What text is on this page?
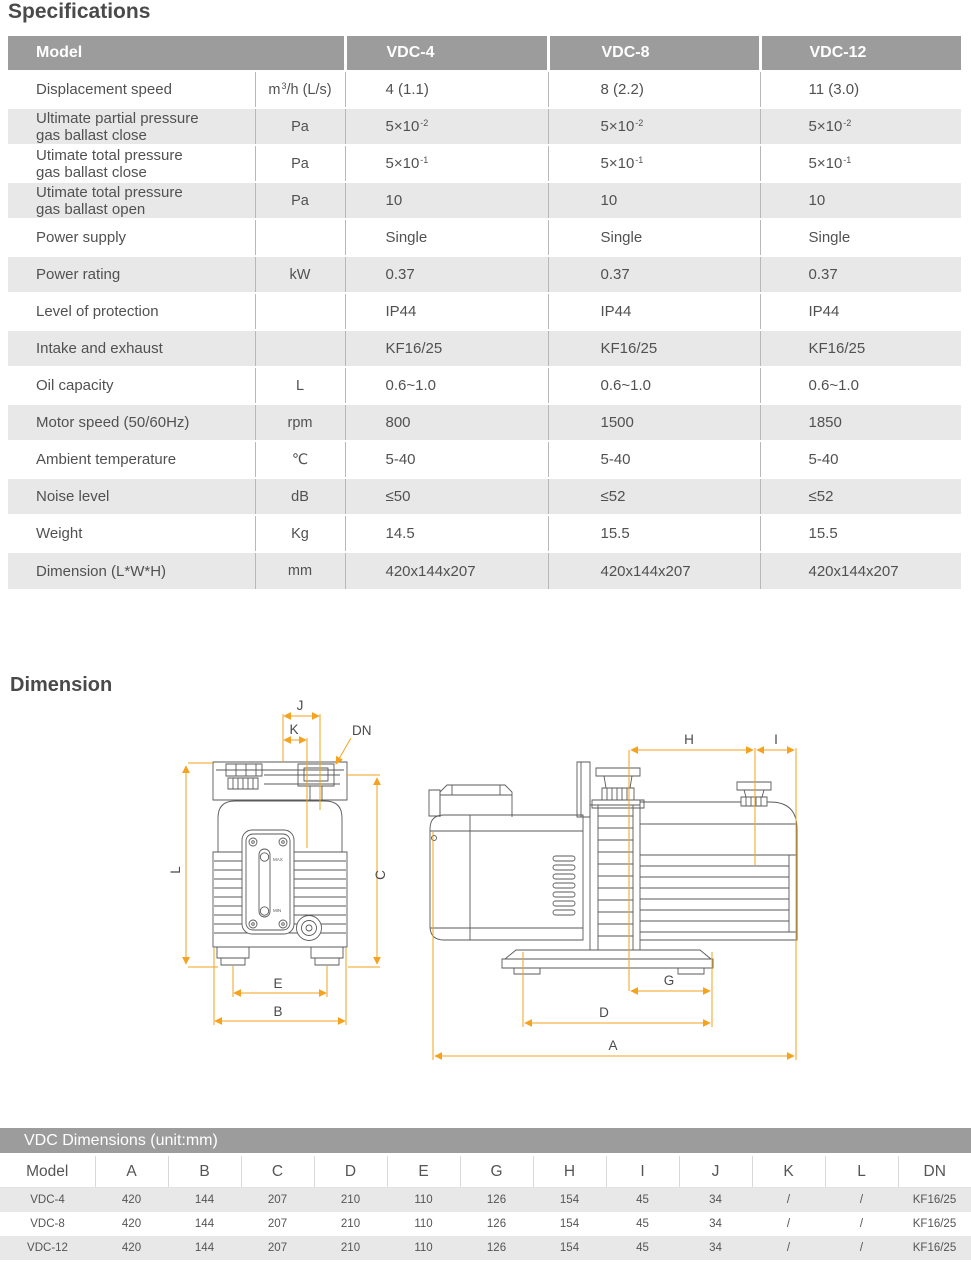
Specifications
Model		VDC-4	VDC-8	VDC-12
Displacement speed	$m^3/h$ (L/s)	4 (1.1)	8 (2.2)	11 (3.0)
Ultimate partial pressure
gas ballast close	Pa	$5\times 10^{-2}$	$5\times 10^{-2}$	$5\times 10^{-2}$
Utimate total pressure
gas ballast close	Pa	$5\times 10^{-1}$	$5\times 10^{-1}$	$5\times 10^{-1}$
Utimate total pressure
gas ballast open	Pa	10	10	10
Power supply		Single	Single	Single
Power rating	kW	0.37	0.37	0.37
Level of protection		IP44	IP44	IP44
Intake and exhaust		KF16/25	KF16/25	KF16/25
Oil capacity	L	0.6~1.0	0.6~1.0	0.6~1.0
Motor speed (50/60Hz)	rpm	800	1500	1850
Ambient temperature	℃	5-40	5-40	5-40
Noise level	dB	≤50	≤52	≤52
Weight	Kg	14.5	15.5	15.5
Dimension (L*W*H)	mm	420x144x207	420x144x207	420x144x207
Dimension
MAX
MIN
L
C
J
K	DN
E
B
H	I
G
D
A
VDC Dimensions (unit:mm)
Model	A	B	C	D	E	G	H	I	J	K	L	DN
VDC-4	420	144	207	210	110	126	154	45	34	/	/	KF16/25
VDC-8	420	144	207	210	110	126	154	45	34	/	/	KF16/25
VDC-12	420	144	207	210	110	126	154	45	34	/	/	KF16/25
